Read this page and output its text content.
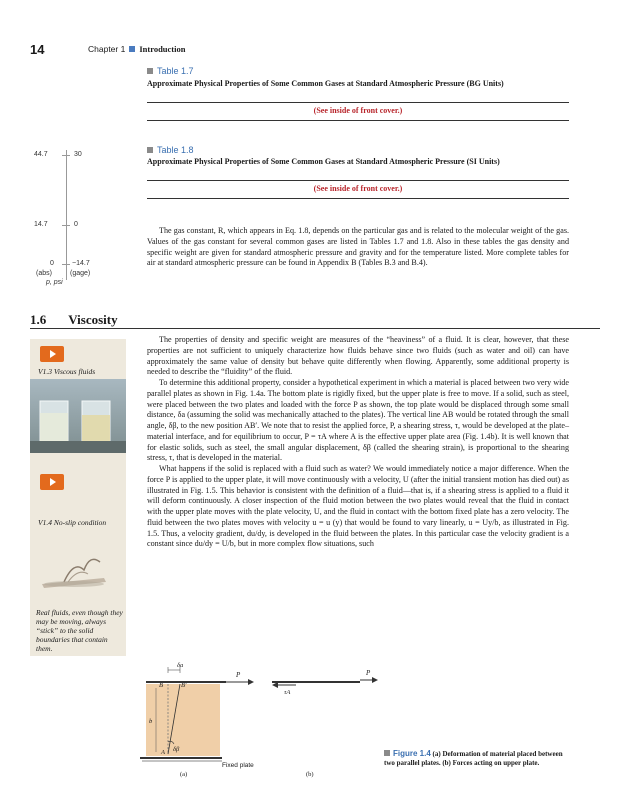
14	Chapter 1 Introduction
Table 1.7
Approximate Physical Properties of Some Common Gases at Standard Atmospheric Pressure (BG Units)
(See inside of front cover.)
Table 1.8
Approximate Physical Properties of Some Common Gases at Standard Atmospheric Pressure (SI Units)
(See inside of front cover.)
44.7	30
14.7	0
0	−14.7
(abs)	(gage)
p, psi

The gas constant, R, which appears in Eq. 1.8, depends on the particular gas and is related to the molecular weight of the gas. Values of the gas constant for several common gases are listed in Tables 1.7 and 1.8. Also in these tables the gas density and specific weight are given for standard atmospheric pressure and gravity and for the temperature listed. More complete tables for air at standard atmospheric pressure can be found in Appendix B (Tables B.3 and B.4).

1.6 Viscosity
V1.3 Viscous fluids
V1.4 No-slip condition
Real fluids, even though they may be moving, always “stick” to the solid boundaries that contain them.

The properties of density and specific weight are measures of the “heaviness” of a fluid. It is clear, however, that these properties are not sufficient to uniquely characterize how fluids behave since two fluids (such as water and oil) can have approximately the same value of density but behave quite differently when flowing. Apparently, some additional property is needed to describe the “fluidity” of the fluid.

To determine this additional property, consider a hypothetical experiment in which a material is placed between two very wide parallel plates as shown in Fig. 1.4a. The bottom plate is rigidly fixed, but the upper plate is free to move. If a solid, such as steel, were placed between the two plates and loaded with the force P as shown, the top plate would be displaced through some small distance, δa (assuming the solid was mechanically attached to the plates). The vertical line AB would be rotated through the small angle, δβ, to the new position AB′. We note that to resist the applied force, P, a shearing stress, τ, would be developed at the plate–material interface, and for equilibrium to occur, P = τA where A is the effective upper plate area (Fig. 1.4b). It is well known that for elastic solids, such as steel, the small angular displacement, δβ (called the shearing strain), is proportional to the shearing stress, τ, that is developed in the material.

What happens if the solid is replaced with a fluid such as water? We would immediately notice a major difference. When the force P is applied to the upper plate, it will move continuously with a velocity, U (after the initial transient motion has died out) as illustrated in Fig. 1.5. This behavior is consistent with the definition of a fluid—that is, if a shearing stress is applied to a fluid it will deform continuously. A closer inspection of the fluid motion between the two plates would reveal that the fluid in contact with the upper plate moves with the plate velocity, U, and the fluid in contact with the bottom fixed plate has a zero velocity. The fluid between the two plates moves with velocity u = u (y) that would be found to vary linearly, u = Uy/b, as illustrated in Fig. 1.5. Thus, a velocity gradient, du/dy, is developed in the fluid between the plates. In this particular case the velocity gradient is a constant since du/dy = U/b, but in more complex flow situations, such

δa
P
B	B′
b
δβ
A
Fixed plate
P
τA
(a)	(b)
Figure 1.4 (a) Deformation of material placed between two parallel plates. (b) Forces acting on upper plate.
